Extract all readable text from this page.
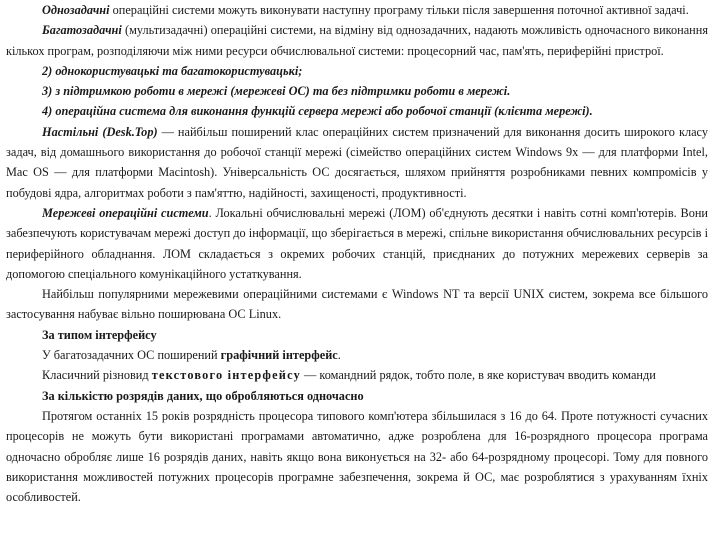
Однозадачні операційні системи можуть виконувати наступну програму тільки після завершення поточної активної задачі.

Багатозадачні (мультизадачні) операційні системи, на відміну від однозадачних, надають можливість одночасного виконання кількох програм, розподіляючи між ними ресурси обчислювальної системи: процесорний час, пам'ять, периферійні пристрої.

2) однокористувацькі та багатокористувацькі;

3) з підтримкою роботи в мережі (мережеві ОС) та без підтримки роботи в мережі.

4) операційна система для виконання функцій сервера мережі або робочої станції (клієнта мережі).

Настільні (Desk.Top) — найбільш поширений клас операційних систем призначений для виконання досить широкого класу задач, від домашнього використання до робочої станції мережі (сімейство операційних систем Windows 9x — для платформи Intel, Mac OS — для платформи Macintosh). Універсальність ОС досягається, шляхом прийняття розробниками певних компромісів у побудові ядра, алгоритмах роботи з пам'яттю, надійності, захищеності, продуктивності.

Мережеві операційні системи. Локальні обчислювальні мережі (ЛОМ) об'єднують десятки і навіть сотні комп'ютерів. Вони забезпечують користувачам мережі доступ до інформації, що зберігається в мережі, спільне використання обчислювальних ресурсів і периферійного обладнання. ЛОМ складається з окремих робочих станцій, приєднаних до потужних мережевих серверів за допомогою спеціального комунікаційного устаткування.

Найбільш популярними мережевими операційними системами є Windows NT та версії UNIX систем, зокрема все більшого застосування набуває вільно поширювана ОС Linux.

За типом інтерфейсу

У багатозадачних ОС поширений графічний інтерфейс.

Класичний різновид текстового інтерфейсу — командний рядок, тобто поле, в яке користувач вводить команди

За кількістю розрядів даних, що обробляються одночасно

Протягом останніх 15 років розрядність процесора типового комп'ютера збільшилася з 16 до 64. Проте потужності сучасних процесорів не можуть бути використані програмами автоматично, адже розроблена для 16-розрядного процесора програма одночасно обробляє лише 16 розрядів даних, навіть якщо вона виконується на 32- або 64-розрядному процесорі. Тому для повного використання можливостей потужних процесорів програмне забезпечення, зокрема й ОС, має розроблятися з урахуванням їхніх особливостей.
